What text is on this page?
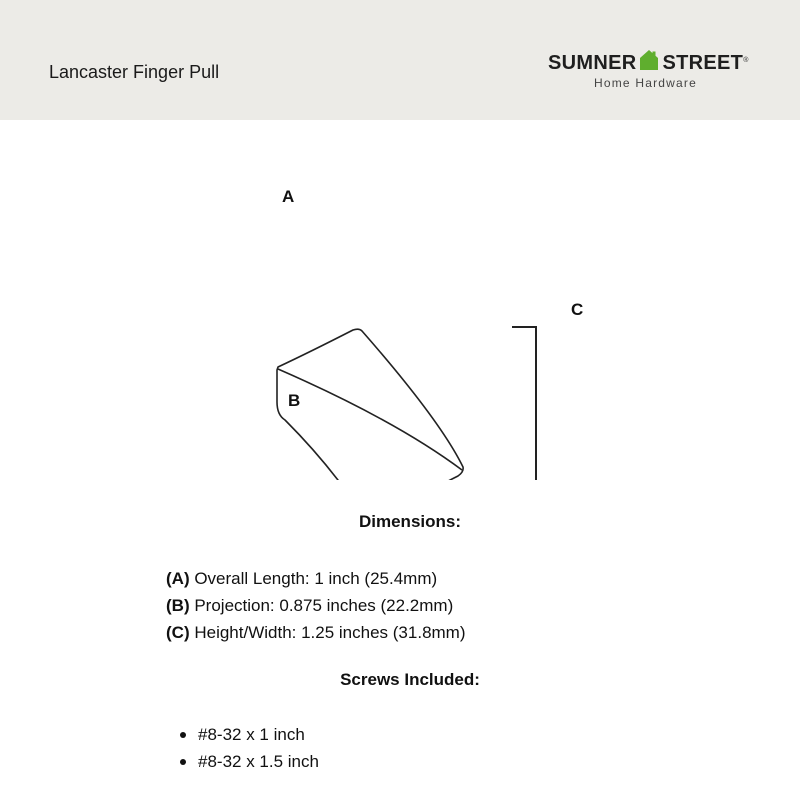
Lancaster Finger Pull	SUMNER STREET®
Home Hardware
A
B
C
Dimensions:
(A) Overall Length: 1 inch (25.4mm)
(B) Projection: 0.875 inches (22.2mm)
(C) Height/Width: 1.25 inches (31.8mm)
Screws Included:
#8-32 x 1 inch
#8-32 x 1.5 inch
